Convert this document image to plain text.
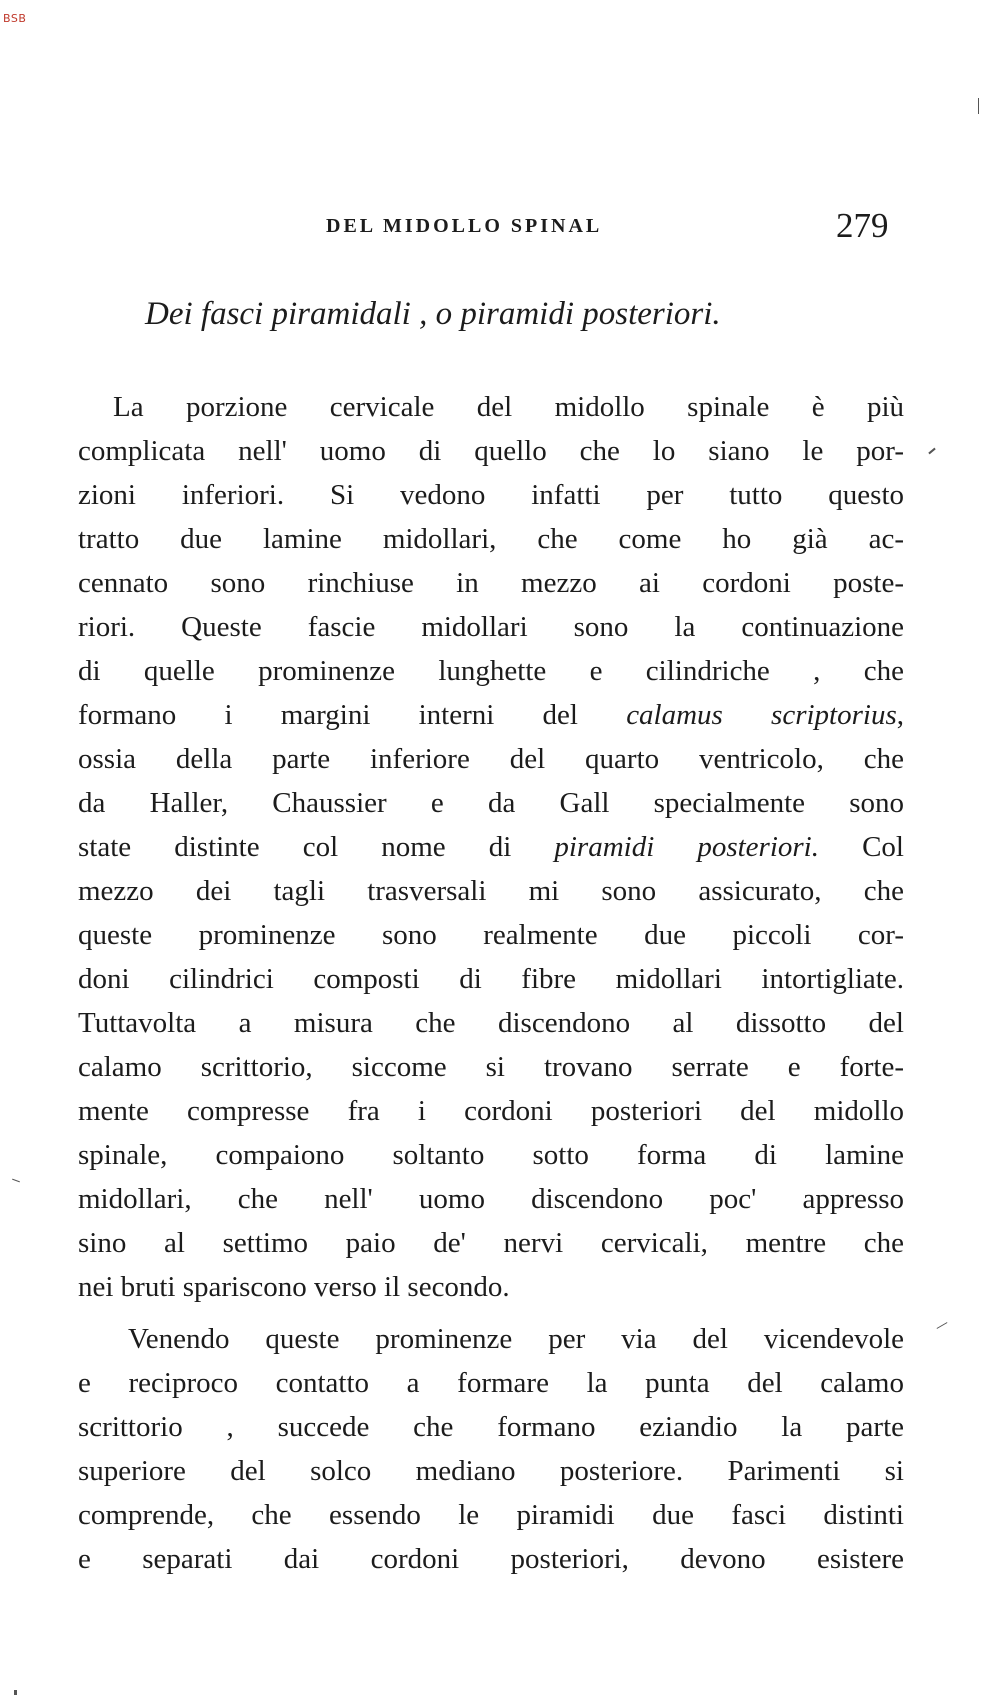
BSB
DEL MIDOLLO SPINAL	279
Dei fasci piramidali , o piramidi posteriori.
La porzione cervicale del midollo spinale è più
complicata nell' uomo di quello che lo siano le por-
zioni inferiori. Si vedono infatti per tutto questo
tratto due lamine midollari, che come ho già ac-
cennato sono rinchiuse in mezzo ai cordoni poste-
riori. Queste fascie midollari sono la continuazione
di quelle prominenze lunghette e cilindriche , che
formano i margini interni del calamus scriptorius,
ossia della parte inferiore del quarto ventricolo, che
da Haller, Chaussier e da Gall specialmente sono
state distinte col nome di piramidi posteriori. Col
mezzo dei tagli trasversali mi sono assicurato, che
queste prominenze sono realmente due piccoli cor-
doni cilindrici composti di fibre midollari intortigliate.
Tuttavolta a misura che discendono al dissotto del
calamo scrittorio, siccome si trovano serrate e forte-
mente compresse fra i cordoni posteriori del midollo
spinale, compaiono soltanto sotto forma di lamine
midollari, che nell' uomo discendono poc' appresso
sino al settimo paio de' nervi cervicali, mentre che
nei bruti spariscono verso il secondo.
Venendo queste prominenze per via del vicendevole
e reciproco contatto a formare la punta del calamo
scrittorio , succede che formano eziandio la parte
superiore del solco mediano posteriore. Parimenti si
comprende, che essendo le piramidi due fasci distinti
e separati dai cordoni posteriori, devono esistere
